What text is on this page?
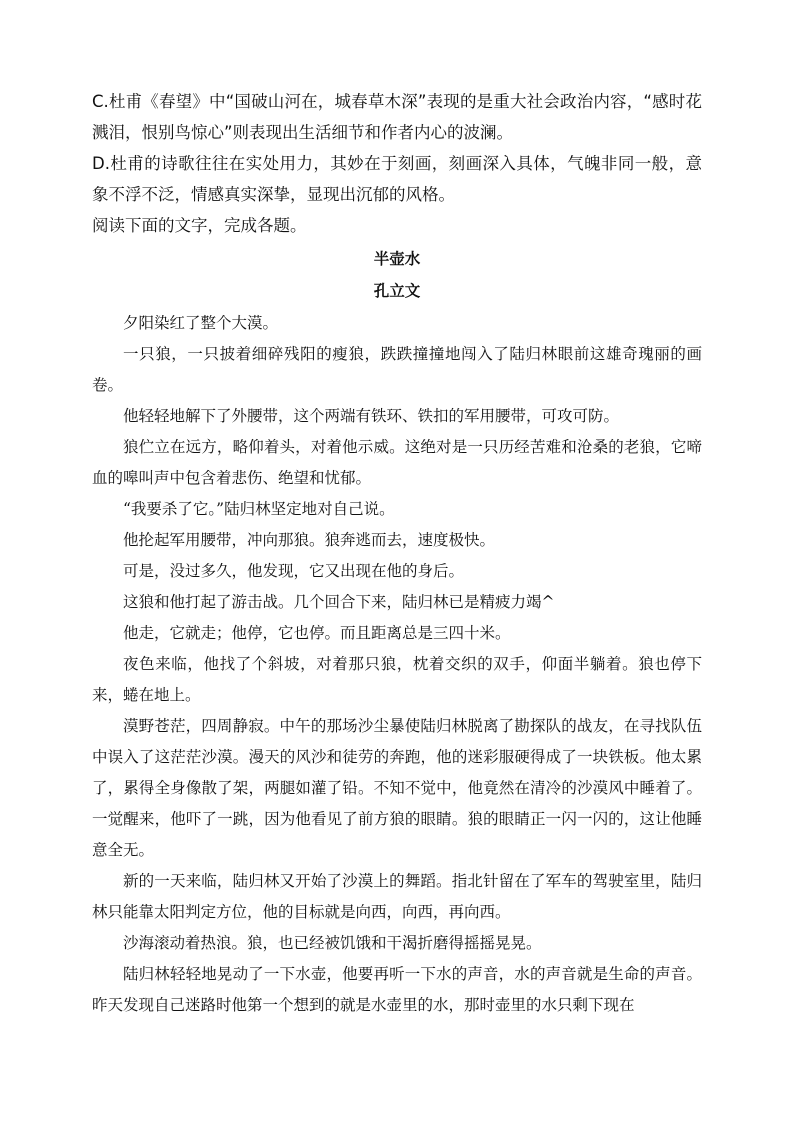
C.杜甫《春望》中“国破山河在，城春草木深”表现的是重大社会政治内容，“感时花溅泪，恨别鸟惊心”则表现出生活细节和作者内心的波澜。

D.杜甫的诗歌往往在实处用力，其妙在于刻画，刻画深入具体，气魄非同一般，意象不浮不泛，情感真实深挚，显现出沉郁的风格。

阅读下面的文字，完成各题。

半壶水

孔立文

夕阳染红了整个大漠。

一只狼，一只披着细碎残阳的瘦狼，跌跌撞撞地闯入了陆归林眼前这雄奇瑰丽的画卷。

他轻轻地解下了外腰带，这个两端有铁环、铁扣的军用腰带，可攻可防。

狼伫立在远方，略仰着头，对着他示威。这绝对是一只历经苦难和沧桑的老狼，它啼血的嗥叫声中包含着悲伤、绝望和忧郁。

“我要杀了它。”陆归林坚定地对自己说。

他抡起军用腰带，冲向那狼。狼奔逃而去，速度极快。

可是，没过多久，他发现，它又出现在他的身后。

这狼和他打起了游击战。几个回合下来，陆归林已是精疲力竭^

他走，它就走；他停，它也停。而且距离总是三四十米。

夜色来临，他找了个斜坡，对着那只狼，枕着交织的双手，仰面半躺着。狼也停下来，蜷在地上。

漠野苍茫，四周静寂。中午的那场沙尘暴使陆归林脱离了勘探队的战友，在寻找队伍中误入了这茫茫沙漠。漫天的风沙和徒劳的奔跑，他的迷彩服硬得成了一块铁板。他太累了，累得全身像散了架，两腿如灌了铅。不知不觉中，他竟然在清冷的沙漠风中睡着了。一觉醒来，他吓了一跳，因为他看见了前方狼的眼睛。狼的眼睛正一闪一闪的，这让他睡意全无。

新的一天来临，陆归林又开始了沙漠上的舞蹈。指北针留在了军车的驾驶室里，陆归林只能靠太阳判定方位，他的目标就是向西，向西，再向西。

沙海滚动着热浪。狼，也已经被饥饿和干渴折磨得摇摇晃晃。

陆归林轻轻地晃动了一下水壶，他要再听一下水的声音，水的声音就是生命的声音。昨天发现自己迷路时他第一个想到的就是水壶里的水，那时壶里的水只剩下现在
